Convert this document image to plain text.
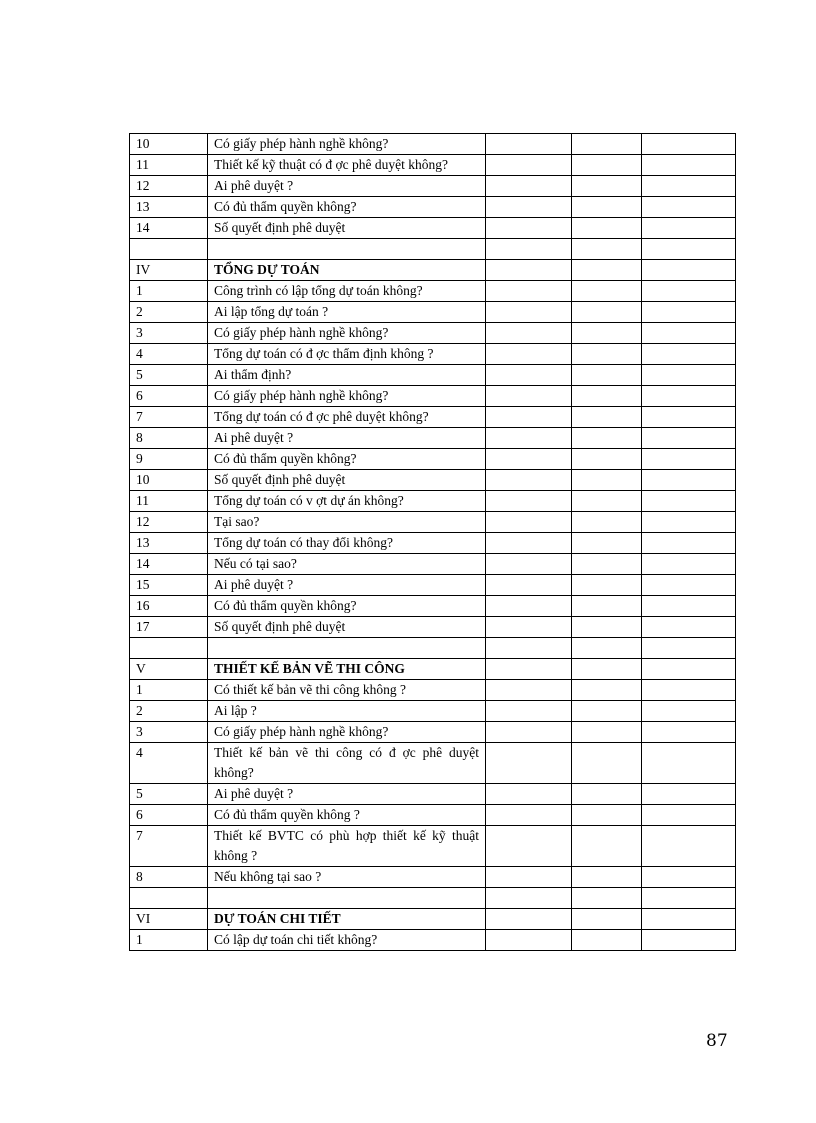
10	Có giấy phép hành nghề không?			
11	Thiết kế kỹ thuật có đ ợc phê duyệt không?			
12	Ai phê duyệt ?			
13	Có đủ thẩm quyền không?			
14	Số quyết định phê duyệt			

IV	TỔNG DỰ TOÁN			
1	Công trình có lập tổng dự toán không?			
2	Ai lập tổng dự toán ?			
3	Có giấy phép hành nghề không?			
4	Tổng dự toán có đ ợc thẩm định không ?			
5	Ai thẩm định?			
6	Có giấy phép hành nghề không?			
7	Tổng dự toán có đ ợc phê duyệt không?			
8	Ai phê duyệt ?			
9	Có đủ thẩm quyền không?			
10	Số quyết định phê duyệt			
11	Tổng dự toán có v ợt dự án không?			
12	Tại sao?			
13	Tổng dự toán có thay đổi không?			
14	Nếu có tại sao?			
15	Ai phê duyệt ?			
16	Có đủ thẩm quyền không?			
17	Số quyết định phê duyệt			

V	THIẾT KẾ BẢN VẼ THI CÔNG			
1	Có thiết kế bản vẽ thi công không ?			
2	Ai lập ?			
3	Có giấy phép hành nghề không?			
4	Thiết kế bản vẽ thi công có đ ợc phê duyệt không?			
5	Ai phê duyệt ?			
6	Có đủ thẩm quyền không ?			
7	Thiết kế BVTC có phù hợp thiết kế kỹ thuật không ?			
8	Nếu không tại sao ?			

VI	DỰ TOÁN CHI TIẾT			
1	Có lập dự toán chi tiết không?			
87
